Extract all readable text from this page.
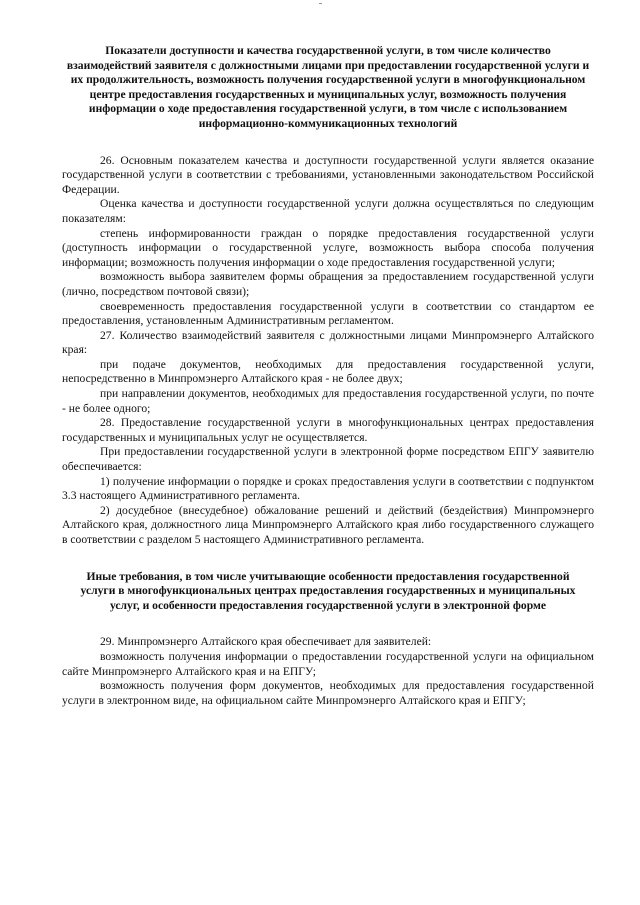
Показатели доступности и качества государственной услуги, в том числе количество взаимодействий заявителя с должностными лицами при предоставлении государственной услуги и их продолжительность, возможность получения государственной услуги в многофункциональном центре предоставления государственных и муниципальных услуг, возможность получения информации о ходе предоставления государственной услуги, в том числе с использованием информационно-коммуникационных технологий

26. Основным показателем качества и доступности государственной услуги является оказание государственной услуги в соответствии с требованиями, установленными законодательством Российской Федерации.

Оценка качества и доступности государственной услуги должна осуществляться по следующим показателям:

степень информированности граждан о порядке предоставления государственной услуги (доступность информации о государственной услуге, возможность выбора способа получения информации; возможность получения информации о ходе предоставления государственной услуги;

возможность выбора заявителем формы обращения за предоставлением государственной услуги (лично, посредством почтовой связи);

своевременность предоставления государственной услуги в соответствии со стандартом ее предоставления, установленным Административным регламентом.

27. Количество взаимодействий заявителя с должностными лицами Минпромэнерго Алтайского края:

при подаче документов, необходимых для предоставления государственной услуги, непосредственно в Минпромэнерго Алтайского края - не более двух;

при направлении документов, необходимых для предоставления государственной услуги, по почте - не более одного;

28. Предоставление государственной услуги в многофункциональных центрах предоставления государственных и муниципальных услуг не осуществляется.

При предоставлении государственной услуги в электронной форме посредством ЕПГУ заявителю обеспечивается:

1) получение информации о порядке и сроках предоставления услуги в соответствии с подпунктом 3.3 настоящего Административного регламента.

2) досудебное (внесудебное) обжалование решений и действий (бездействия) Минпромэнерго Алтайского края, должностного лица Минпромэнерго Алтайского края либо государственного служащего в соответствии с разделом 5 настоящего Административного регламента.

Иные требования, в том числе учитывающие особенности предоставления государственной услуги в многофункциональных центрах предоставления государственных и муниципальных услуг, и особенности предоставления государственной услуги в электронной форме

29. Минпромэнерго Алтайского края обеспечивает для заявителей:

возможность получения информации о предоставлении государственной услуги на официальном сайте Минпромэнерго Алтайского края и на ЕПГУ;

возможность получения форм документов, необходимых для предоставления государственной услуги в электронном виде, на официальном сайте Минпромэнерго Алтайского края и ЕПГУ;
